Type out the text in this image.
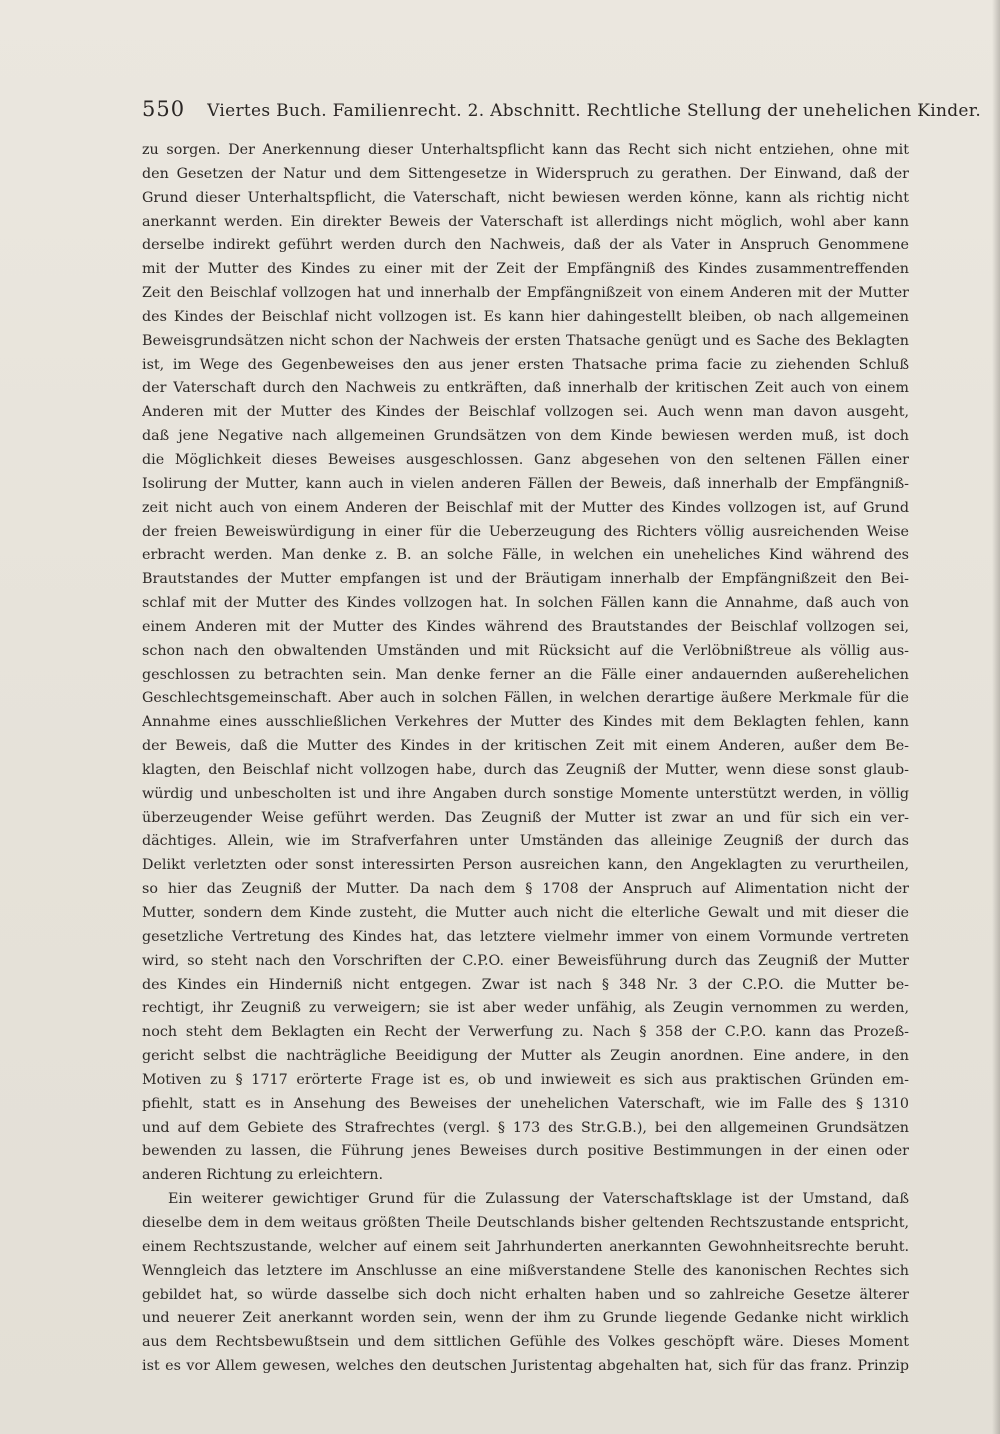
550 Viertes Buch. Familienrecht. 2. Abschnitt. Rechtliche Stellung der unehelichen Kinder.
zu sorgen. Der Anerkennung dieser Unterhaltspflicht kann das Recht sich nicht entziehen, ohne mit
den Gesetzen der Natur und dem Sittengesetze in Widerspruch zu gerathen. Der Einwand, daß der
Grund dieser Unterhaltspflicht, die Vaterschaft, nicht bewiesen werden könne, kann als richtig nicht
anerkannt werden. Ein direkter Beweis der Vaterschaft ist allerdings nicht möglich, wohl aber kann
derselbe indirekt geführt werden durch den Nachweis, daß der als Vater in Anspruch Genommene
mit der Mutter des Kindes zu einer mit der Zeit der Empfängniß des Kindes zusammentreffenden
Zeit den Beischlaf vollzogen hat und innerhalb der Empfängnißzeit von einem Anderen mit der Mutter
des Kindes der Beischlaf nicht vollzogen ist. Es kann hier dahingestellt bleiben, ob nach allgemeinen
Beweisgrundsätzen nicht schon der Nachweis der ersten Thatsache genügt und es Sache des Beklagten
ist, im Wege des Gegenbeweises den aus jener ersten Thatsache prima facie zu ziehenden Schluß
der Vaterschaft durch den Nachweis zu entkräften, daß innerhalb der kritischen Zeit auch von einem
Anderen mit der Mutter des Kindes der Beischlaf vollzogen sei. Auch wenn man davon ausgeht,
daß jene Negative nach allgemeinen Grundsätzen von dem Kinde bewiesen werden muß, ist doch
die Möglichkeit dieses Beweises ausgeschlossen. Ganz abgesehen von den seltenen Fällen einer
Isolirung der Mutter, kann auch in vielen anderen Fällen der Beweis, daß innerhalb der Empfängniß-
zeit nicht auch von einem Anderen der Beischlaf mit der Mutter des Kindes vollzogen ist, auf Grund
der freien Beweiswürdigung in einer für die Ueberzeugung des Richters völlig ausreichenden Weise
erbracht werden. Man denke z. B. an solche Fälle, in welchen ein uneheliches Kind während des
Brautstandes der Mutter empfangen ist und der Bräutigam innerhalb der Empfängnißzeit den Bei-
schlaf mit der Mutter des Kindes vollzogen hat. In solchen Fällen kann die Annahme, daß auch von
einem Anderen mit der Mutter des Kindes während des Brautstandes der Beischlaf vollzogen sei,
schon nach den obwaltenden Umständen und mit Rücksicht auf die Verlöbnißtreue als völlig aus-
geschlossen zu betrachten sein. Man denke ferner an die Fälle einer andauernden außerehelichen
Geschlechtsgemeinschaft. Aber auch in solchen Fällen, in welchen derartige äußere Merkmale für die
Annahme eines ausschließlichen Verkehres der Mutter des Kindes mit dem Beklagten fehlen, kann
der Beweis, daß die Mutter des Kindes in der kritischen Zeit mit einem Anderen, außer dem Be-
klagten, den Beischlaf nicht vollzogen habe, durch das Zeugniß der Mutter, wenn diese sonst glaub-
würdig und unbescholten ist und ihre Angaben durch sonstige Momente unterstützt werden, in völlig
überzeugender Weise geführt werden. Das Zeugniß der Mutter ist zwar an und für sich ein ver-
dächtiges. Allein, wie im Strafverfahren unter Umständen das alleinige Zeugniß der durch das
Delikt verletzten oder sonst interessirten Person ausreichen kann, den Angeklagten zu verurtheilen,
so hier das Zeugniß der Mutter. Da nach dem § 1708 der Anspruch auf Alimentation nicht der
Mutter, sondern dem Kinde zusteht, die Mutter auch nicht die elterliche Gewalt und mit dieser die
gesetzliche Vertretung des Kindes hat, das letztere vielmehr immer von einem Vormunde vertreten
wird, so steht nach den Vorschriften der C.P.O. einer Beweisführung durch das Zeugniß der Mutter
des Kindes ein Hinderniß nicht entgegen. Zwar ist nach § 348 Nr. 3 der C.P.O. die Mutter be-
rechtigt, ihr Zeugniß zu verweigern; sie ist aber weder unfähig, als Zeugin vernommen zu werden,
noch steht dem Beklagten ein Recht der Verwerfung zu. Nach § 358 der C.P.O. kann das Prozeß-
gericht selbst die nachträgliche Beeidigung der Mutter als Zeugin anordnen. Eine andere, in den
Motiven zu § 1717 erörterte Frage ist es, ob und inwieweit es sich aus praktischen Gründen em-
pfiehlt, statt es in Ansehung des Beweises der unehelichen Vaterschaft, wie im Falle des § 1310
und auf dem Gebiete des Strafrechtes (vergl. § 173 des Str.G.B.), bei den allgemeinen Grundsätzen
bewenden zu lassen, die Führung jenes Beweises durch positive Bestimmungen in der einen oder
anderen Richtung zu erleichtern.
Ein weiterer gewichtiger Grund für die Zulassung der Vaterschaftsklage ist der Umstand, daß
dieselbe dem in dem weitaus größten Theile Deutschlands bisher geltenden Rechtszustande entspricht,
einem Rechtszustande, welcher auf einem seit Jahrhunderten anerkannten Gewohnheitsrechte beruht.
Wenngleich das letztere im Anschlusse an eine mißverstandene Stelle des kanonischen Rechtes sich
gebildet hat, so würde dasselbe sich doch nicht erhalten haben und so zahlreiche Gesetze älterer
und neuerer Zeit anerkannt worden sein, wenn der ihm zu Grunde liegende Gedanke nicht wirklich
aus dem Rechtsbewußtsein und dem sittlichen Gefühle des Volkes geschöpft wäre. Dieses Moment
ist es vor Allem gewesen, welches den deutschen Juristentag abgehalten hat, sich für das franz. Prinzip
